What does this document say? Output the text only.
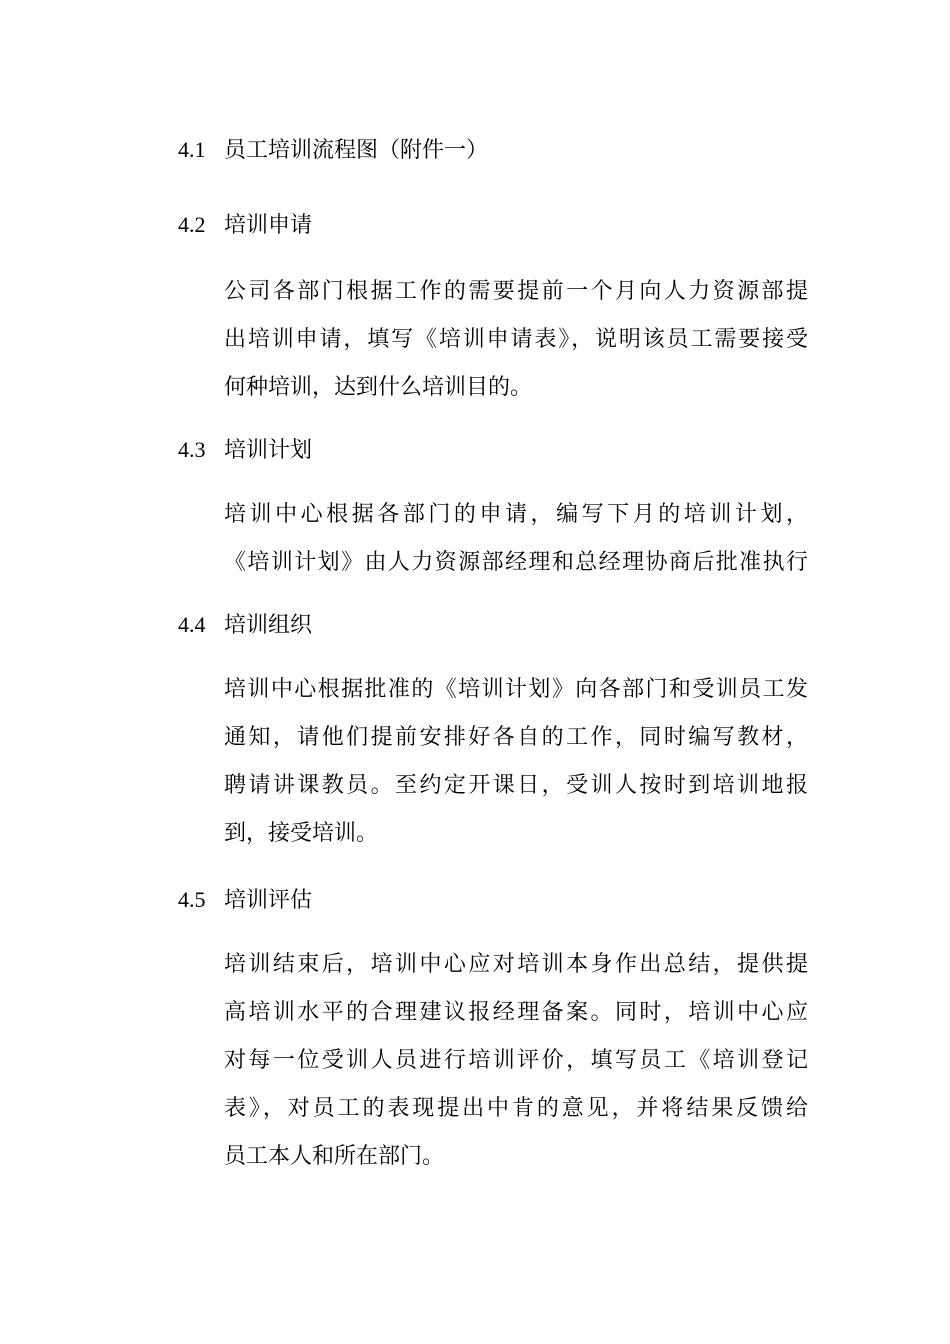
4.1 员工培训流程图（附件一）
4.2 培训申请
公司各部门根据工作的需要提前一个月向人力资源部提
出培训申请，填写《培训申请表》，说明该员工需要接受
何种培训，达到什么培训目的。
4.3 培训计划
培训中心根据各部门的申请，编写下月的培训计划，
《培训计划》由人力资源部经理和总经理协商后批准执行
4.4 培训组织
培训中心根据批准的《培训计划》向各部门和受训员工发
通知，请他们提前安排好各自的工作，同时编写教材，
聘请讲课教员。至约定开课日，受训人按时到培训地报
到，接受培训。
4.5 培训评估
培训结束后，培训中心应对培训本身作出总结，提供提
高培训水平的合理建议报经理备案。同时，培训中心应
对每一位受训人员进行培训评价，填写员工《培训登记
表》，对员工的表现提出中肯的意见，并将结果反馈给
员工本人和所在部门。
